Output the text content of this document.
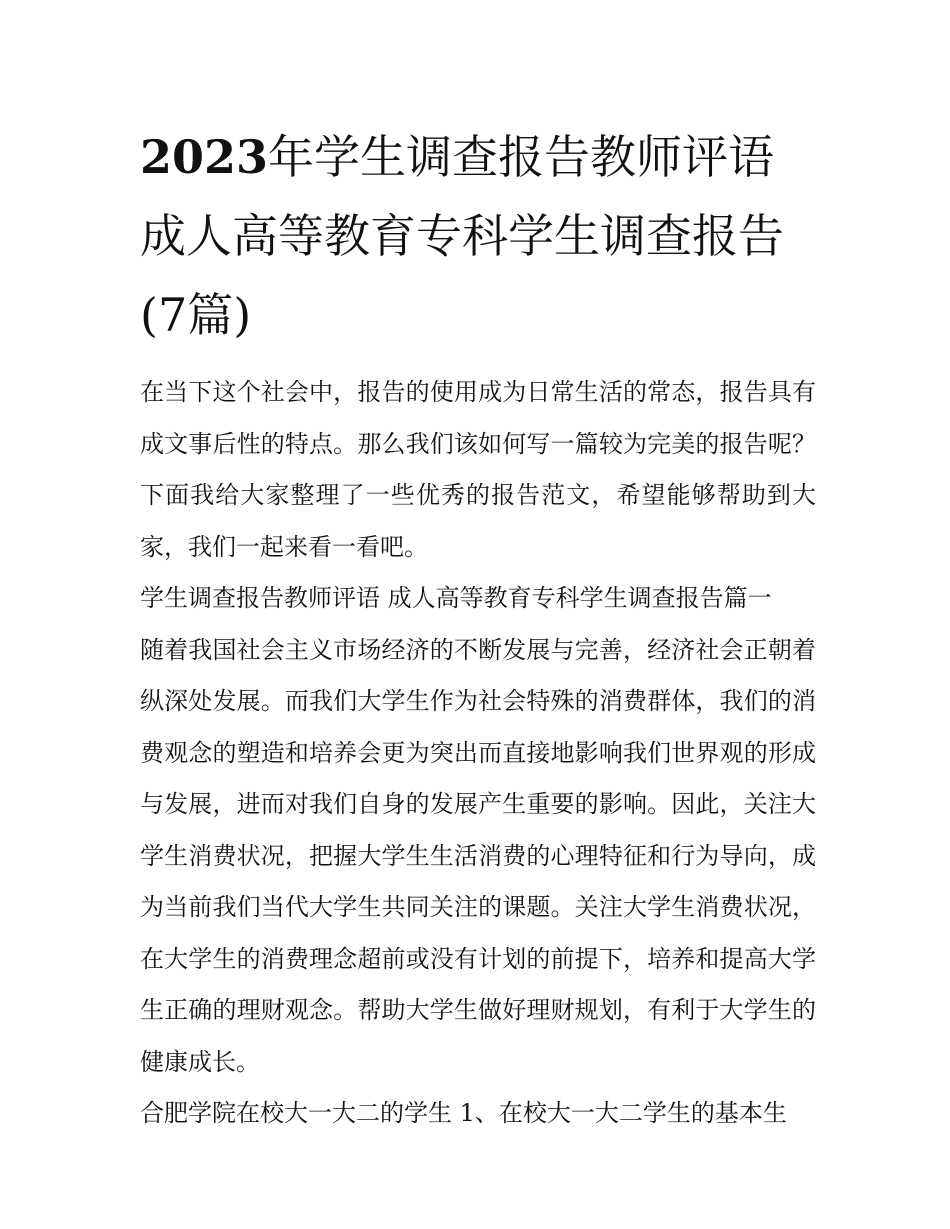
2023年学生调查报告教师评语成人高等教育专科学生调查报告(7篇)

在当下这个社会中，报告的使用成为日常生活的常态，报告具有成文事后性的特点。那么我们该如何写一篇较为完美的报告呢？下面我给大家整理了一些优秀的报告范文，希望能够帮助到大家，我们一起来看一看吧。

学生调查报告教师评语 成人高等教育专科学生调查报告篇一

随着我国社会主义市场经济的不断发展与完善，经济社会正朝着纵深处发展。而我们大学生作为社会特殊的消费群体，我们的消费观念的塑造和培养会更为突出而直接地影响我们世界观的形成与发展，进而对我们自身的发展产生重要的影响。因此，关注大学生消费状况，把握大学生生活消费的心理特征和行为导向，成为当前我们当代大学生共同关注的课题。关注大学生消费状况，在大学生的消费理念超前或没有计划的前提下，培养和提高大学生正确的理财观念。帮助大学生做好理财规划，有利于大学生的健康成长。

合肥学院在校大一大二的学生 1、在校大一大二学生的基本生
